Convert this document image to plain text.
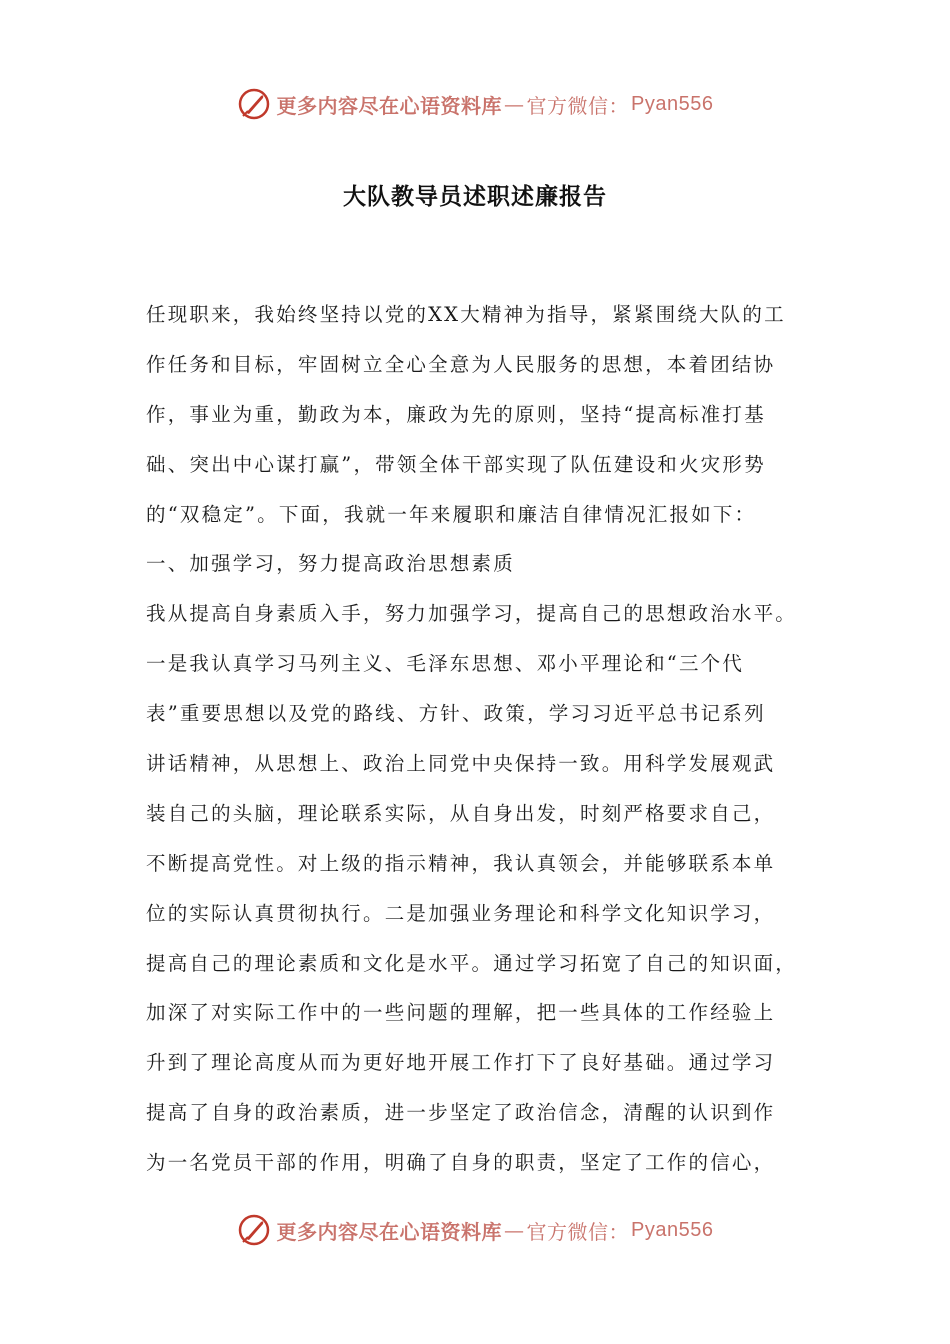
更多内容尽在心语资料库 — 官方微信： Pyan556
大队教导员述职述廉报告
任现职来，我始终坚持以党的XX大精神为指导，紧紧围绕大队的工
作任务和目标，牢固树立全心全意为人民服务的思想，本着团结协
作，事业为重，勤政为本，廉政为先的原则，坚持“提高标准打基
础、突出中心谋打赢”，带领全体干部实现了队伍建设和火灾形势
的“双稳定”。下面，我就一年来履职和廉洁自律情况汇报如下：
一、加强学习，努力提高政治思想素质
我从提高自身素质入手，努力加强学习，提高自己的思想政治水平。
一是我认真学习马列主义、毛泽东思想、邓小平理论和“三个代
表”重要思想以及党的路线、方针、政策，学习习近平总书记系列
讲话精神，从思想上、政治上同党中央保持一致。用科学发展观武
装自己的头脑，理论联系实际，从自身出发，时刻严格要求自己，
不断提高党性。对上级的指示精神，我认真领会，并能够联系本单
位的实际认真贯彻执行。二是加强业务理论和科学文化知识学习，
提高自己的理论素质和文化是水平。通过学习拓宽了自己的知识面，
加深了对实际工作中的一些问题的理解，把一些具体的工作经验上
升到了理论高度从而为更好地开展工作打下了良好基础。通过学习
提高了自身的政治素质，进一步坚定了政治信念，清醒的认识到作
为一名党员干部的作用，明确了自身的职责，坚定了工作的信心，
更多内容尽在心语资料库 — 官方微信： Pyan556
